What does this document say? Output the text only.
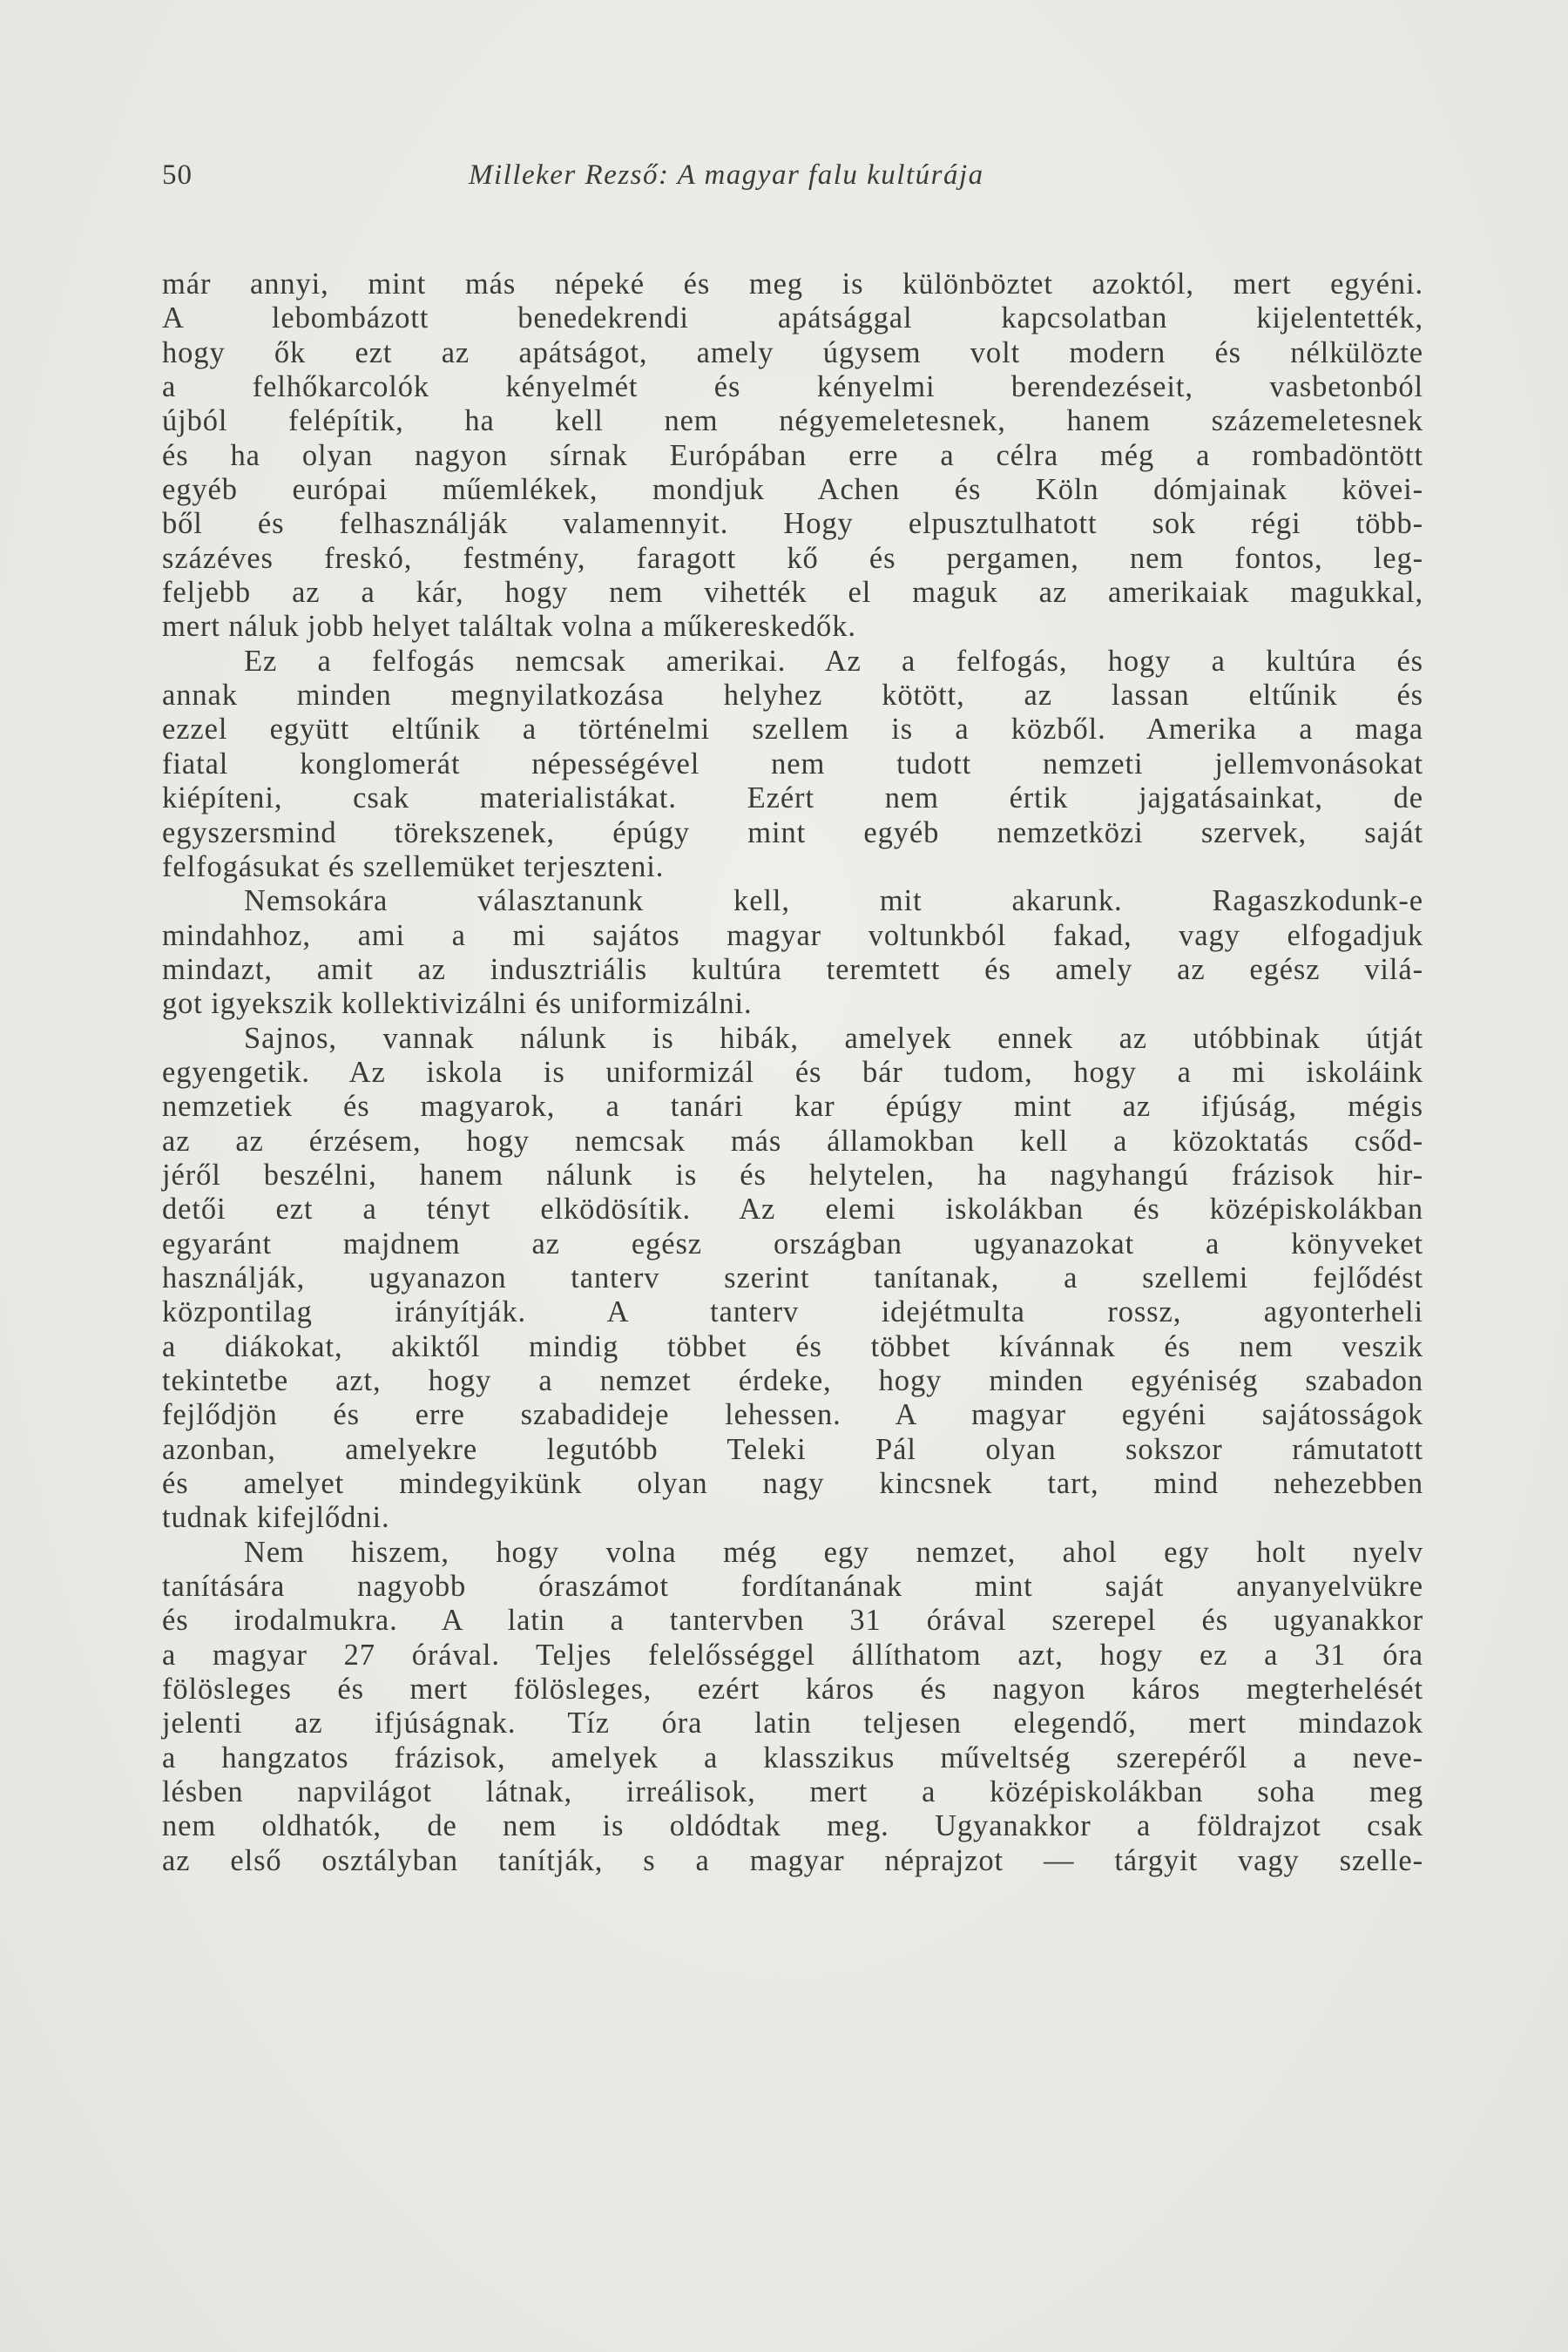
50	Milleker Rezső: A magyar falu kultúrája
már annyi, mint más népeké és meg is különböztet azoktól, mert egyéni.
A lebombázott benedekrendi apátsággal kapcsolatban kijelentették,
hogy ők ezt az apátságot, amely úgysem volt modern és nélkülözte
a felhőkarcolók kényelmét és kényelmi berendezéseit, vasbetonból
újból felépítik, ha kell nem négyemeletesnek, hanem százemeletesnek
és ha olyan nagyon sírnak Európában erre a célra még a rombadöntött
egyéb európai műemlékek, mondjuk Achen és Köln dómjainak kövei-
ből és felhasználják valamennyit. Hogy elpusztulhatott sok régi több-
százéves freskó, festmény, faragott kő és pergamen, nem fontos, leg-
feljebb az a kár, hogy nem vihették el maguk az amerikaiak magukkal,
mert náluk jobb helyet találtak volna a műkereskedők.
Ez a felfogás nemcsak amerikai. Az a felfogás, hogy a kultúra és
annak minden megnyilatkozása helyhez kötött, az lassan eltűnik és
ezzel együtt eltűnik a történelmi szellem is a közből. Amerika a maga
fiatal konglomerát népességével nem tudott nemzeti jellemvonásokat
kiépíteni, csak materialistákat. Ezért nem értik jajgatásainkat, de
egyszersmind törekszenek, épúgy mint egyéb nemzetközi szervek, saját
felfogásukat és szellemüket terjeszteni.
Nemsokára választanunk kell, mit akarunk. Ragaszkodunk-e
mindahhoz, ami a mi sajátos magyar voltunkból fakad, vagy elfogadjuk
mindazt, amit az indusztriális kultúra teremtett és amely az egész vilá-
got igyekszik kollektivizálni és uniformizálni.
Sajnos, vannak nálunk is hibák, amelyek ennek az utóbbinak útját
egyengetik. Az iskola is uniformizál és bár tudom, hogy a mi iskoláink
nemzetiek és magyarok, a tanári kar épúgy mint az ifjúság, mégis
az az érzésem, hogy nemcsak más államokban kell a közoktatás csőd-
jéről beszélni, hanem nálunk is és helytelen, ha nagyhangú frázisok hir-
detői ezt a tényt elködösítik. Az elemi iskolákban és középiskolákban
egyaránt majdnem az egész országban ugyanazokat a könyveket
használják, ugyanazon tanterv szerint tanítanak, a szellemi fejlődést
központilag irányítják. A tanterv idejétmulta rossz, agyonterheli
a diákokat, akiktől mindig többet és többet kívánnak és nem veszik
tekintetbe azt, hogy a nemzet érdeke, hogy minden egyéniség szabadon
fejlődjön és erre szabadideje lehessen. A magyar egyéni sajátosságok
azonban, amelyekre legutóbb Teleki Pál olyan sokszor rámutatott
és amelyet mindegyikünk olyan nagy kincsnek tart, mind nehezebben
tudnak kifejlődni.
Nem hiszem, hogy volna még egy nemzet, ahol egy holt nyelv
tanítására nagyobb óraszámot fordítanának mint saját anyanyelvükre
és irodalmukra. A latin a tantervben 31 órával szerepel és ugyanakkor
a magyar 27 órával. Teljes felelősséggel állíthatom azt, hogy ez a 31 óra
fölösleges és mert fölösleges, ezért káros és nagyon káros megterhelését
jelenti az ifjúságnak. Tíz óra latin teljesen elegendő, mert mindazok
a hangzatos frázisok, amelyek a klasszikus műveltség szerepéről a neve-
lésben napvilágot látnak, irreálisok, mert a középiskolákban soha meg
nem oldhatók, de nem is oldódtak meg. Ugyanakkor a földrajzot csak
az első osztályban tanítják, s a magyar néprajzot — tárgyit vagy szelle-
